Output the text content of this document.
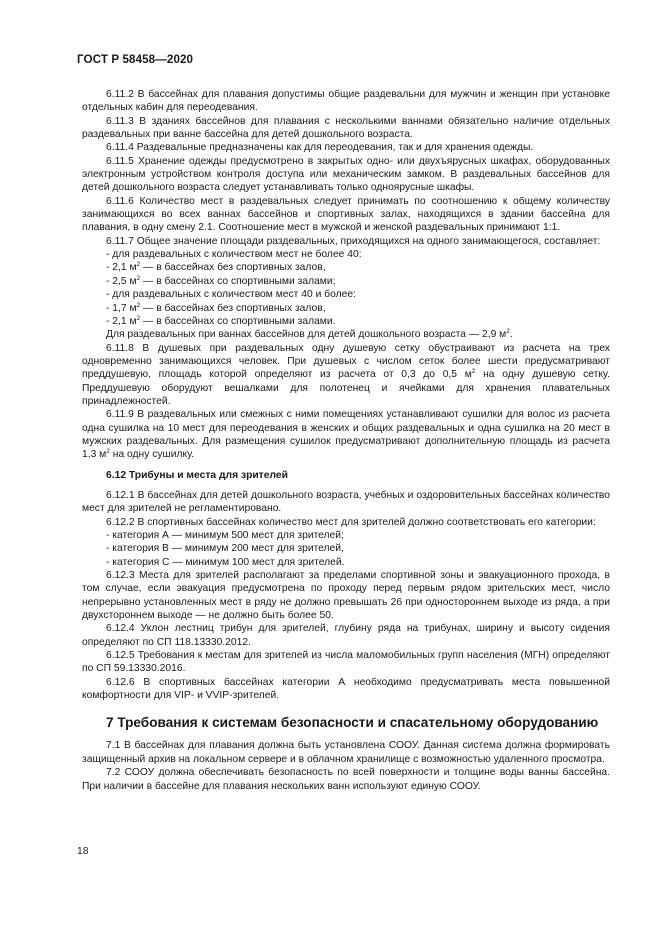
ГОСТ Р 58458—2020

6.11.2 В бассейнах для плавания допустимы общие раздевальни для мужчин и женщин при установке отдельных кабин для переодевания.

6.11.3 В зданиях бассейнов для плавания с несколькими ваннами обязательно наличие отдельных раздевальных при ванне бассейна для детей дошкольного возраста.

6.11.4 Раздевальные предназначены как для переодевания, так и для хранения одежды.

6.11.5 Хранение одежды предусмотрено в закрытых одно- или двухъярусных шкафах, оборудованных электронным устройством контроля доступа или механическим замком. В раздевальных бассейнов для детей дошкольного возраста следует устанавливать только одноярусные шкафы.

6.11.6 Количество мест в раздевальных следует принимать по соотношению к общему количеству занимающихся во всех ваннах бассейнов и спортивных залах, находящихся в здании бассейна для плавания, в одну смену 2.1. Соотношение мест в мужской и женской раздевальных принимают 1:1.

6.11.7 Общее значение площади раздевальных, приходящихся на одного занимающегося, составляет:

- для раздевальных с количеством мест не более 40:

- 2,1 $м^2$ — в бассейнах без спортивных залов,

- 2,5 $м^2$ — в бассейнах со спортивными залами;

- для раздевальных с количеством мест 40 и более:

- 1,7 $м^2$ — в бассейнах без спортивных залов,

- 2,1 $м^2$ — в бассейнах со спортивными залами.

Для раздевальных при ваннах бассейнов для детей дошкольного возраста — 2,9 $м^2$.

6.11.8 В душевых при раздевальных одну душевую сетку обустраивают из расчета на трех одновременно занимающихся человек. При душевых с числом сеток более шести предусматривают преддушевую, площадь которой определяют из расчета от 0,3 до 0,5 $м^2$ на одну душевую сетку. Преддушевую оборудуют вешалками для полотенец и ячейками для хранения плавательных принадлежностей.

6.11.9 В раздевальных или смежных с ними помещениях устанавливают сушилки для волос из расчета одна сушилка на 10 мест для переодевания в женских и общих раздевальных и одна сушилка на 20 мест в мужских раздевальных. Для размещения сушилок предусматривают дополнительную площадь из расчета 1,3 $м^2$ на одну сушилку.

6.12 Трибуны и места для зрителей

6.12.1 В бассейнах для детей дошкольного возраста, учебных и оздоровительных бассейнах количество мест для зрителей не регламентировано.

6.12.2 В спортивных бассейнах количество мест для зрителей должно соответствовать его категории:

- категория А — минимум 500 мест для зрителей;

- категория В — минимум 200 мест для зрителей,

- категория С — минимум 100 мест для зрителей.

6.12.3 Места для зрителей располагают за пределами спортивной зоны и эвакуационного прохода, в том случае, если эвакуация предусмотрена по проходу перед первым рядом зрительских мест, число непрерывно установленных мест в ряду не должно превышать 26 при одностороннем выходе из ряда, а при двухстороннем выходе — не должно быть более 50.

6.12.4 Уклон лестниц трибун для зрителей, глубину ряда на трибунах, ширину и высоту сидения определяют по СП 118.13330.2012.

6.12.5 Требования к местам для зрителей из числа маломобильных групп населения (МГН) определяют по СП 59.13330.2016.

6.12.6 В спортивных бассейнах категории А необходимо предусматривать места повышенной комфортности для VIP- и VVIP-зрителей.

7 Требования к системам безопасности и спасательному оборудованию

7.1 В бассейнах для плавания должна быть установлена СООУ. Данная система должна формировать защищенный архив на локальном сервере и в облачном хранилище с возможностью удаленного просмотра.

7.2 СООУ должна обеспечивать безопасность по всей поверхности и толщине воды ванны бассейна. При наличии в бассейне для плавания нескольких ванн используют единую СООУ.

18
